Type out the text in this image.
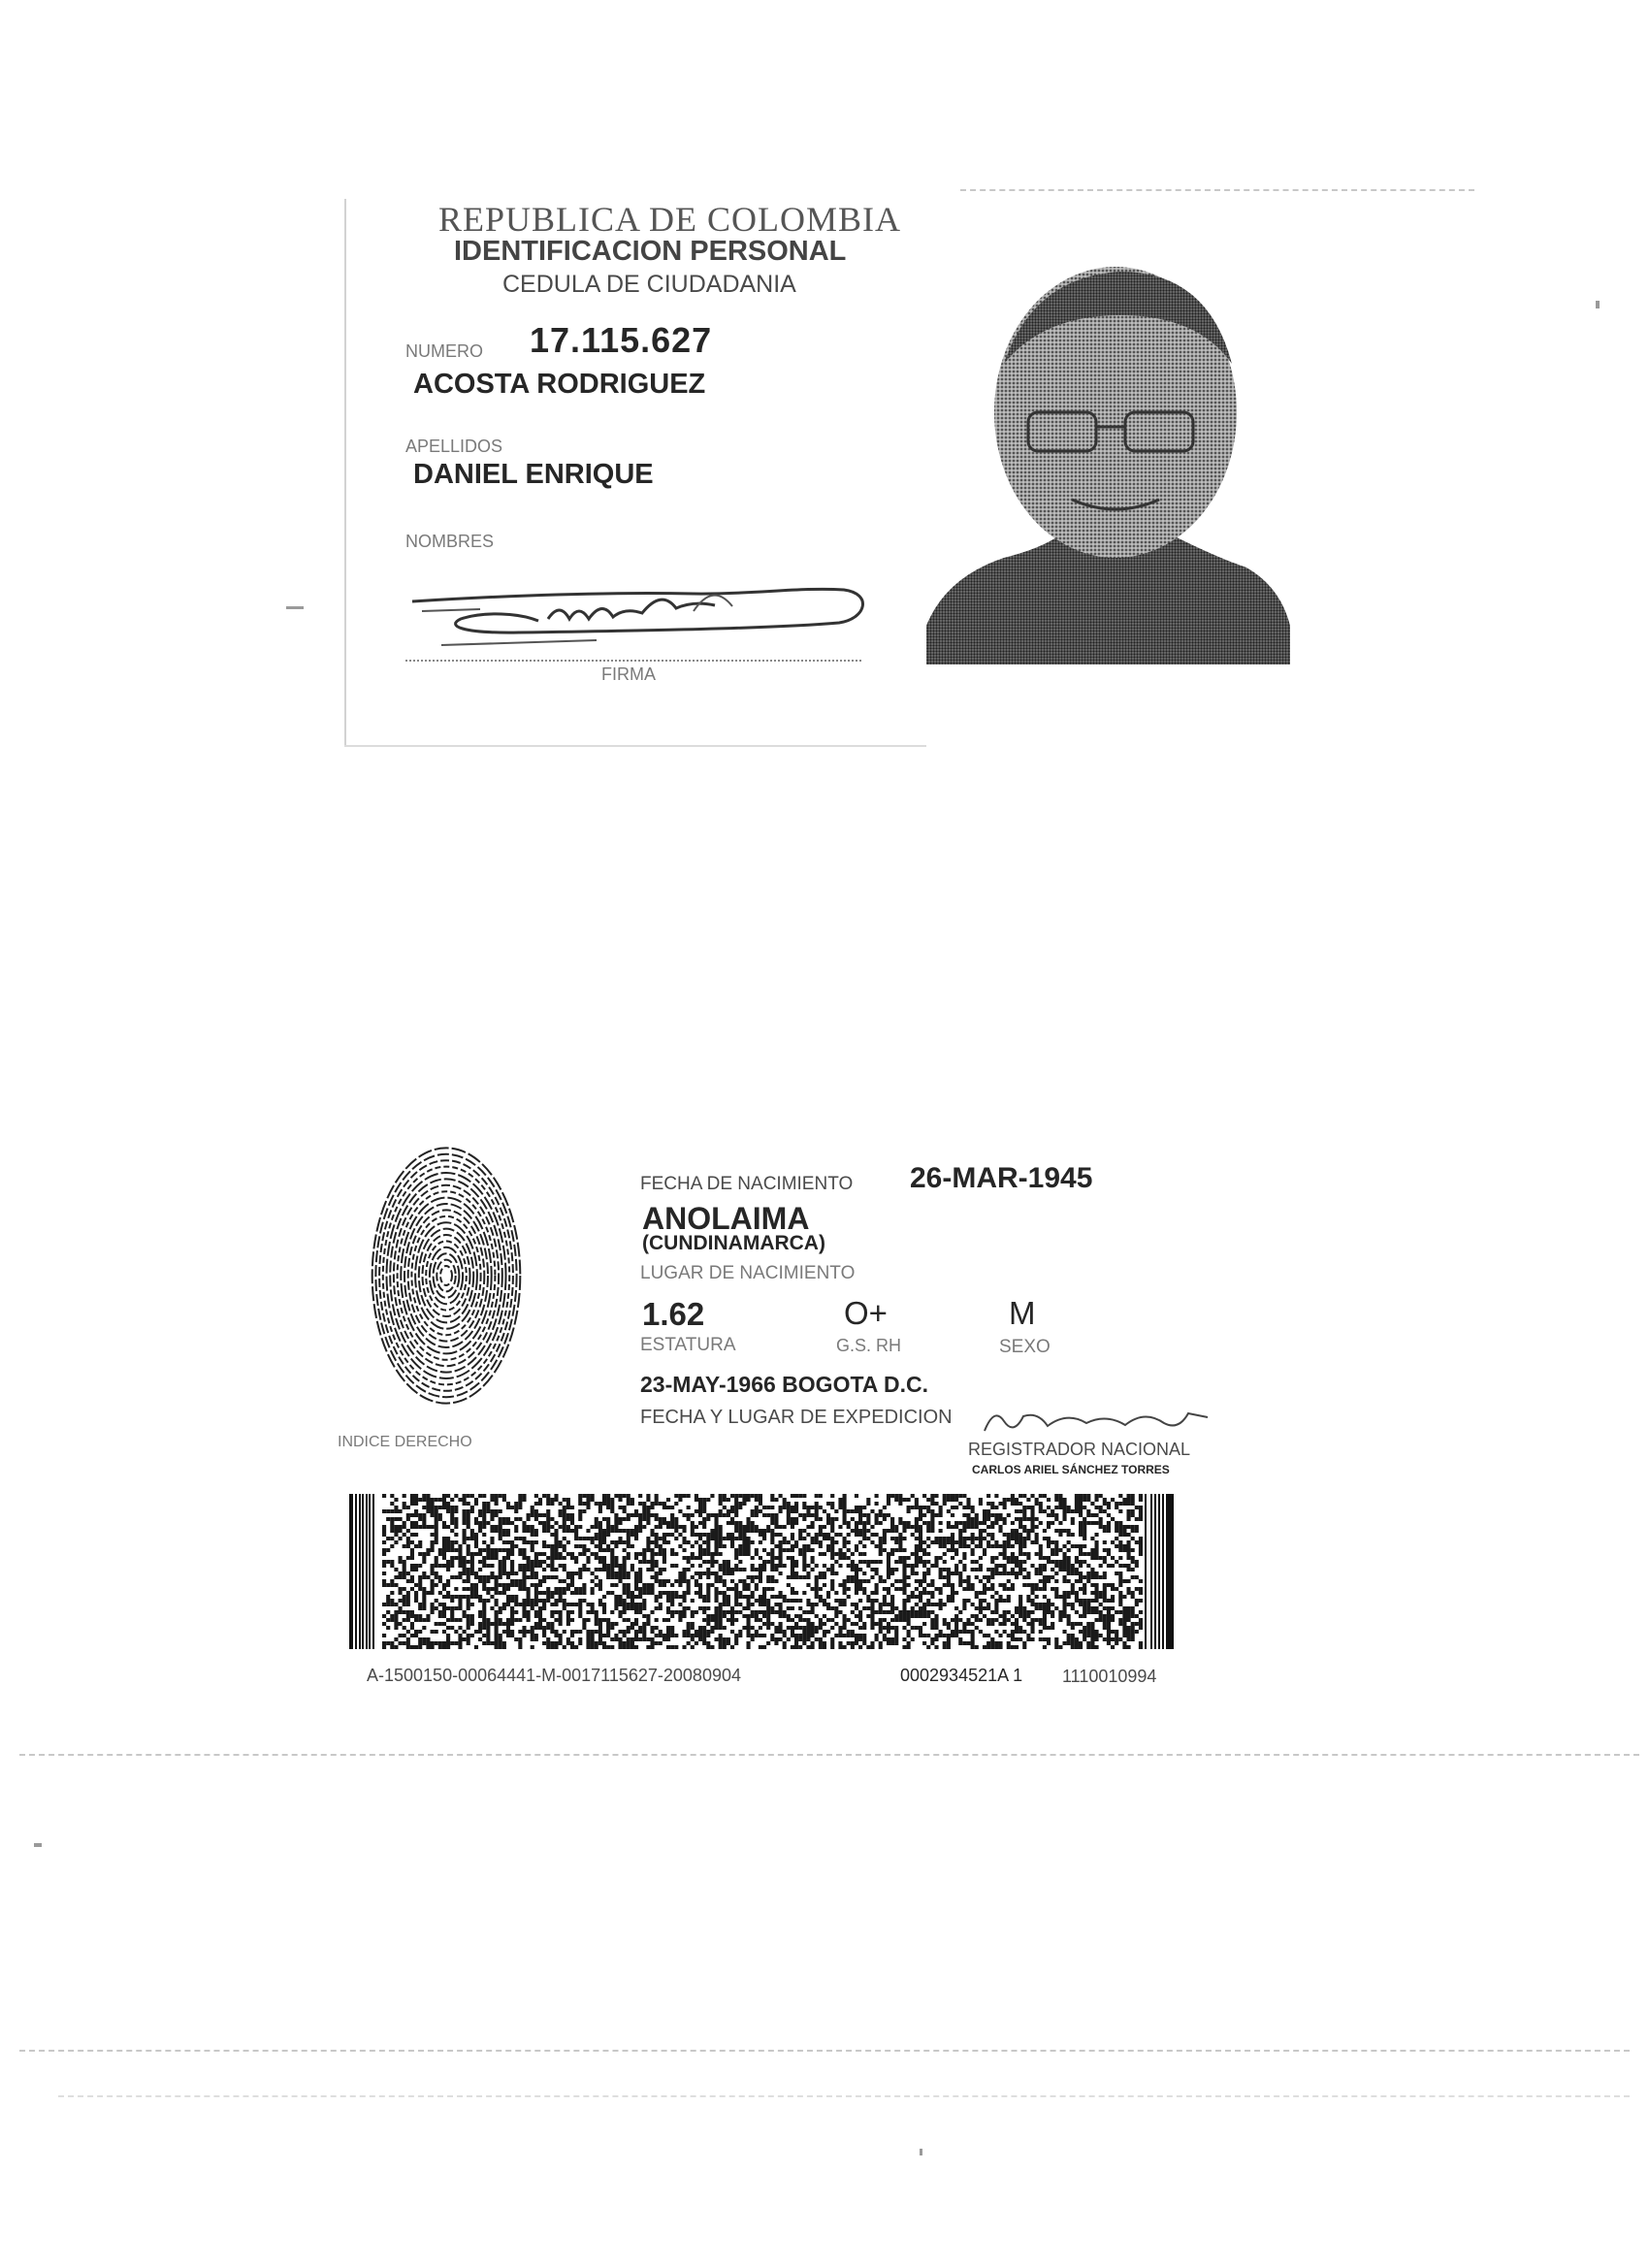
REPUBLICA DE COLOMBIA
IDENTIFICACION PERSONAL
CEDULA DE CIUDADANIA
NUMERO 17.115.627
ACOSTA RODRIGUEZ
APELLIDOS
DANIEL ENRIQUE
NOMBRES
FIRMA
INDICE DERECHO
FECHA DE NACIMIENTO 26-MAR-1945
ANOLAIMA
(CUNDINAMARCA)
LUGAR DE NACIMIENTO
1.62
ESTATURA
O+
G.S. RH
M
SEXO
23-MAY-1966 BOGOTA D.C.
FECHA Y LUGAR DE EXPEDICION
REGISTRADOR NACIONAL
CARLOS ARIEL SÁNCHEZ TORRES
A-1500150-00064441-M-0017115627-20080904	0002934521A 1 1110010994
